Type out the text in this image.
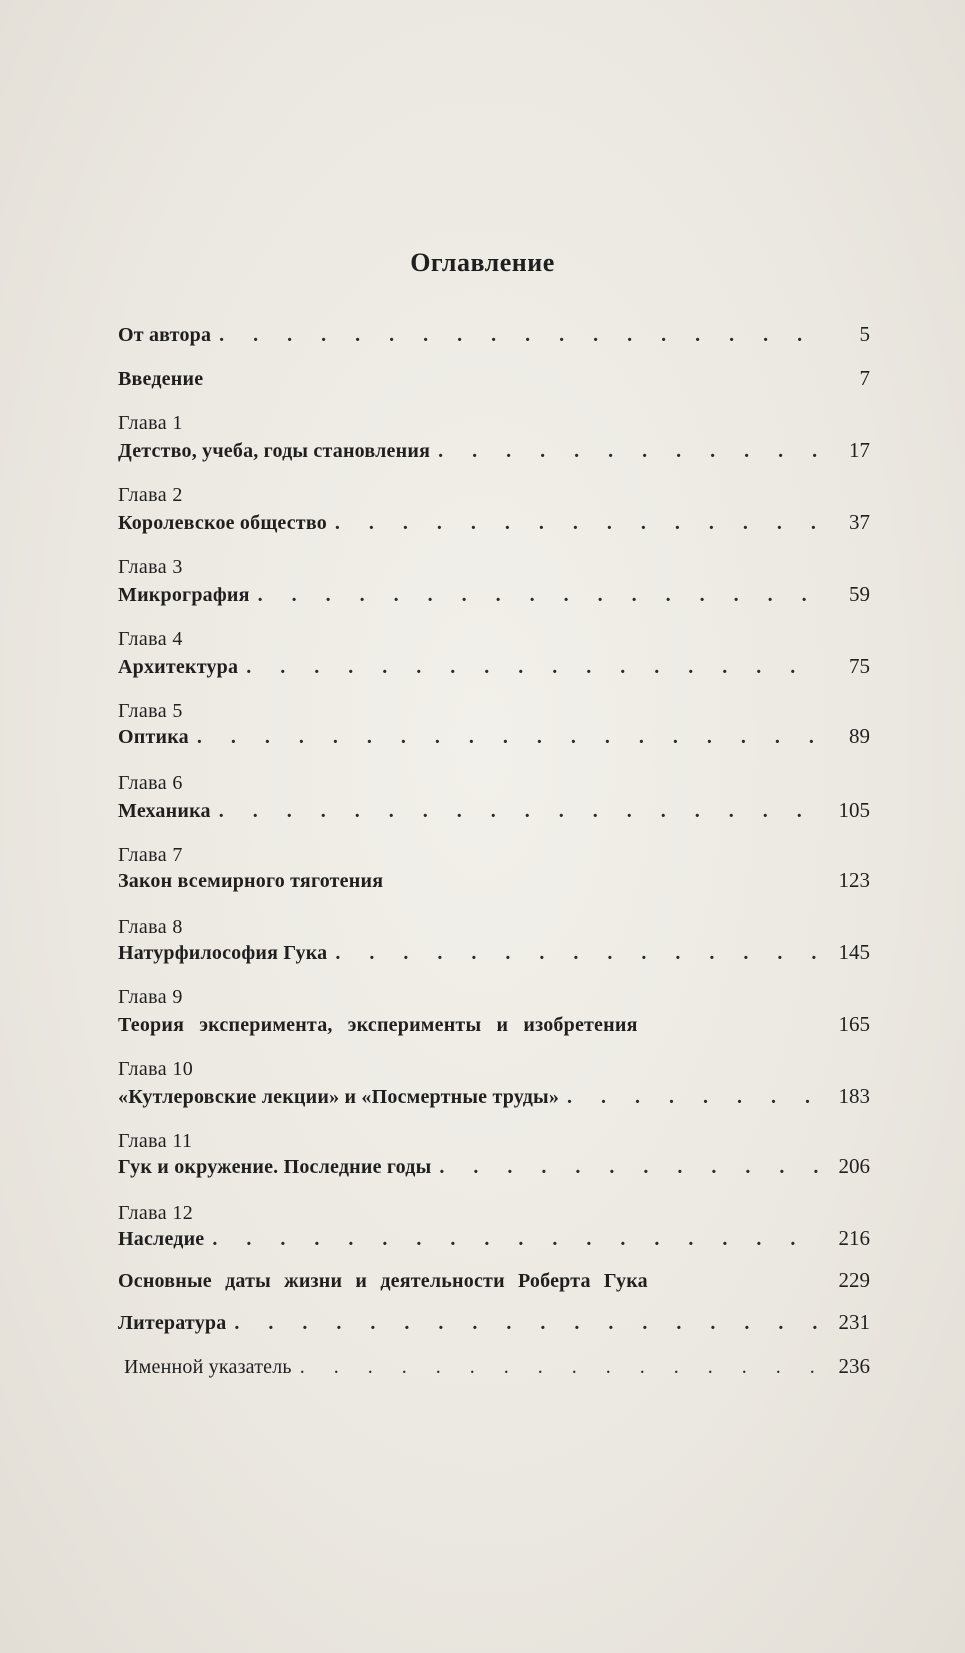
Оглавление
От автора . . .	5
Введение	7
Глава 1
Детство, учеба, годы становления . . .	17
Глава 2
Королевское общество . . .	37
Глава 3
Микрография . . .	59
Глава 4
Архитектура . . .	75
Глава 5
Оптика . . .	89
Глава 6
Механика . . .	105
Глава 7
Закон всемирного тяготения	123
Глава 8
Натурфилософия Гука . . .	145
Глава 9
Теория эксперимента, эксперименты и изобретения	165
Глава 10
«Кутлеровские лекции» и «Посмертные труды» . . .	183
Глава 11
Гук и окружение. Последние годы . . .	206
Глава 12
Наследие . . .	216
Основные даты жизни и деятельности Роберта Гука	229
Литература . . .	231
Именной указатель . . .	236
